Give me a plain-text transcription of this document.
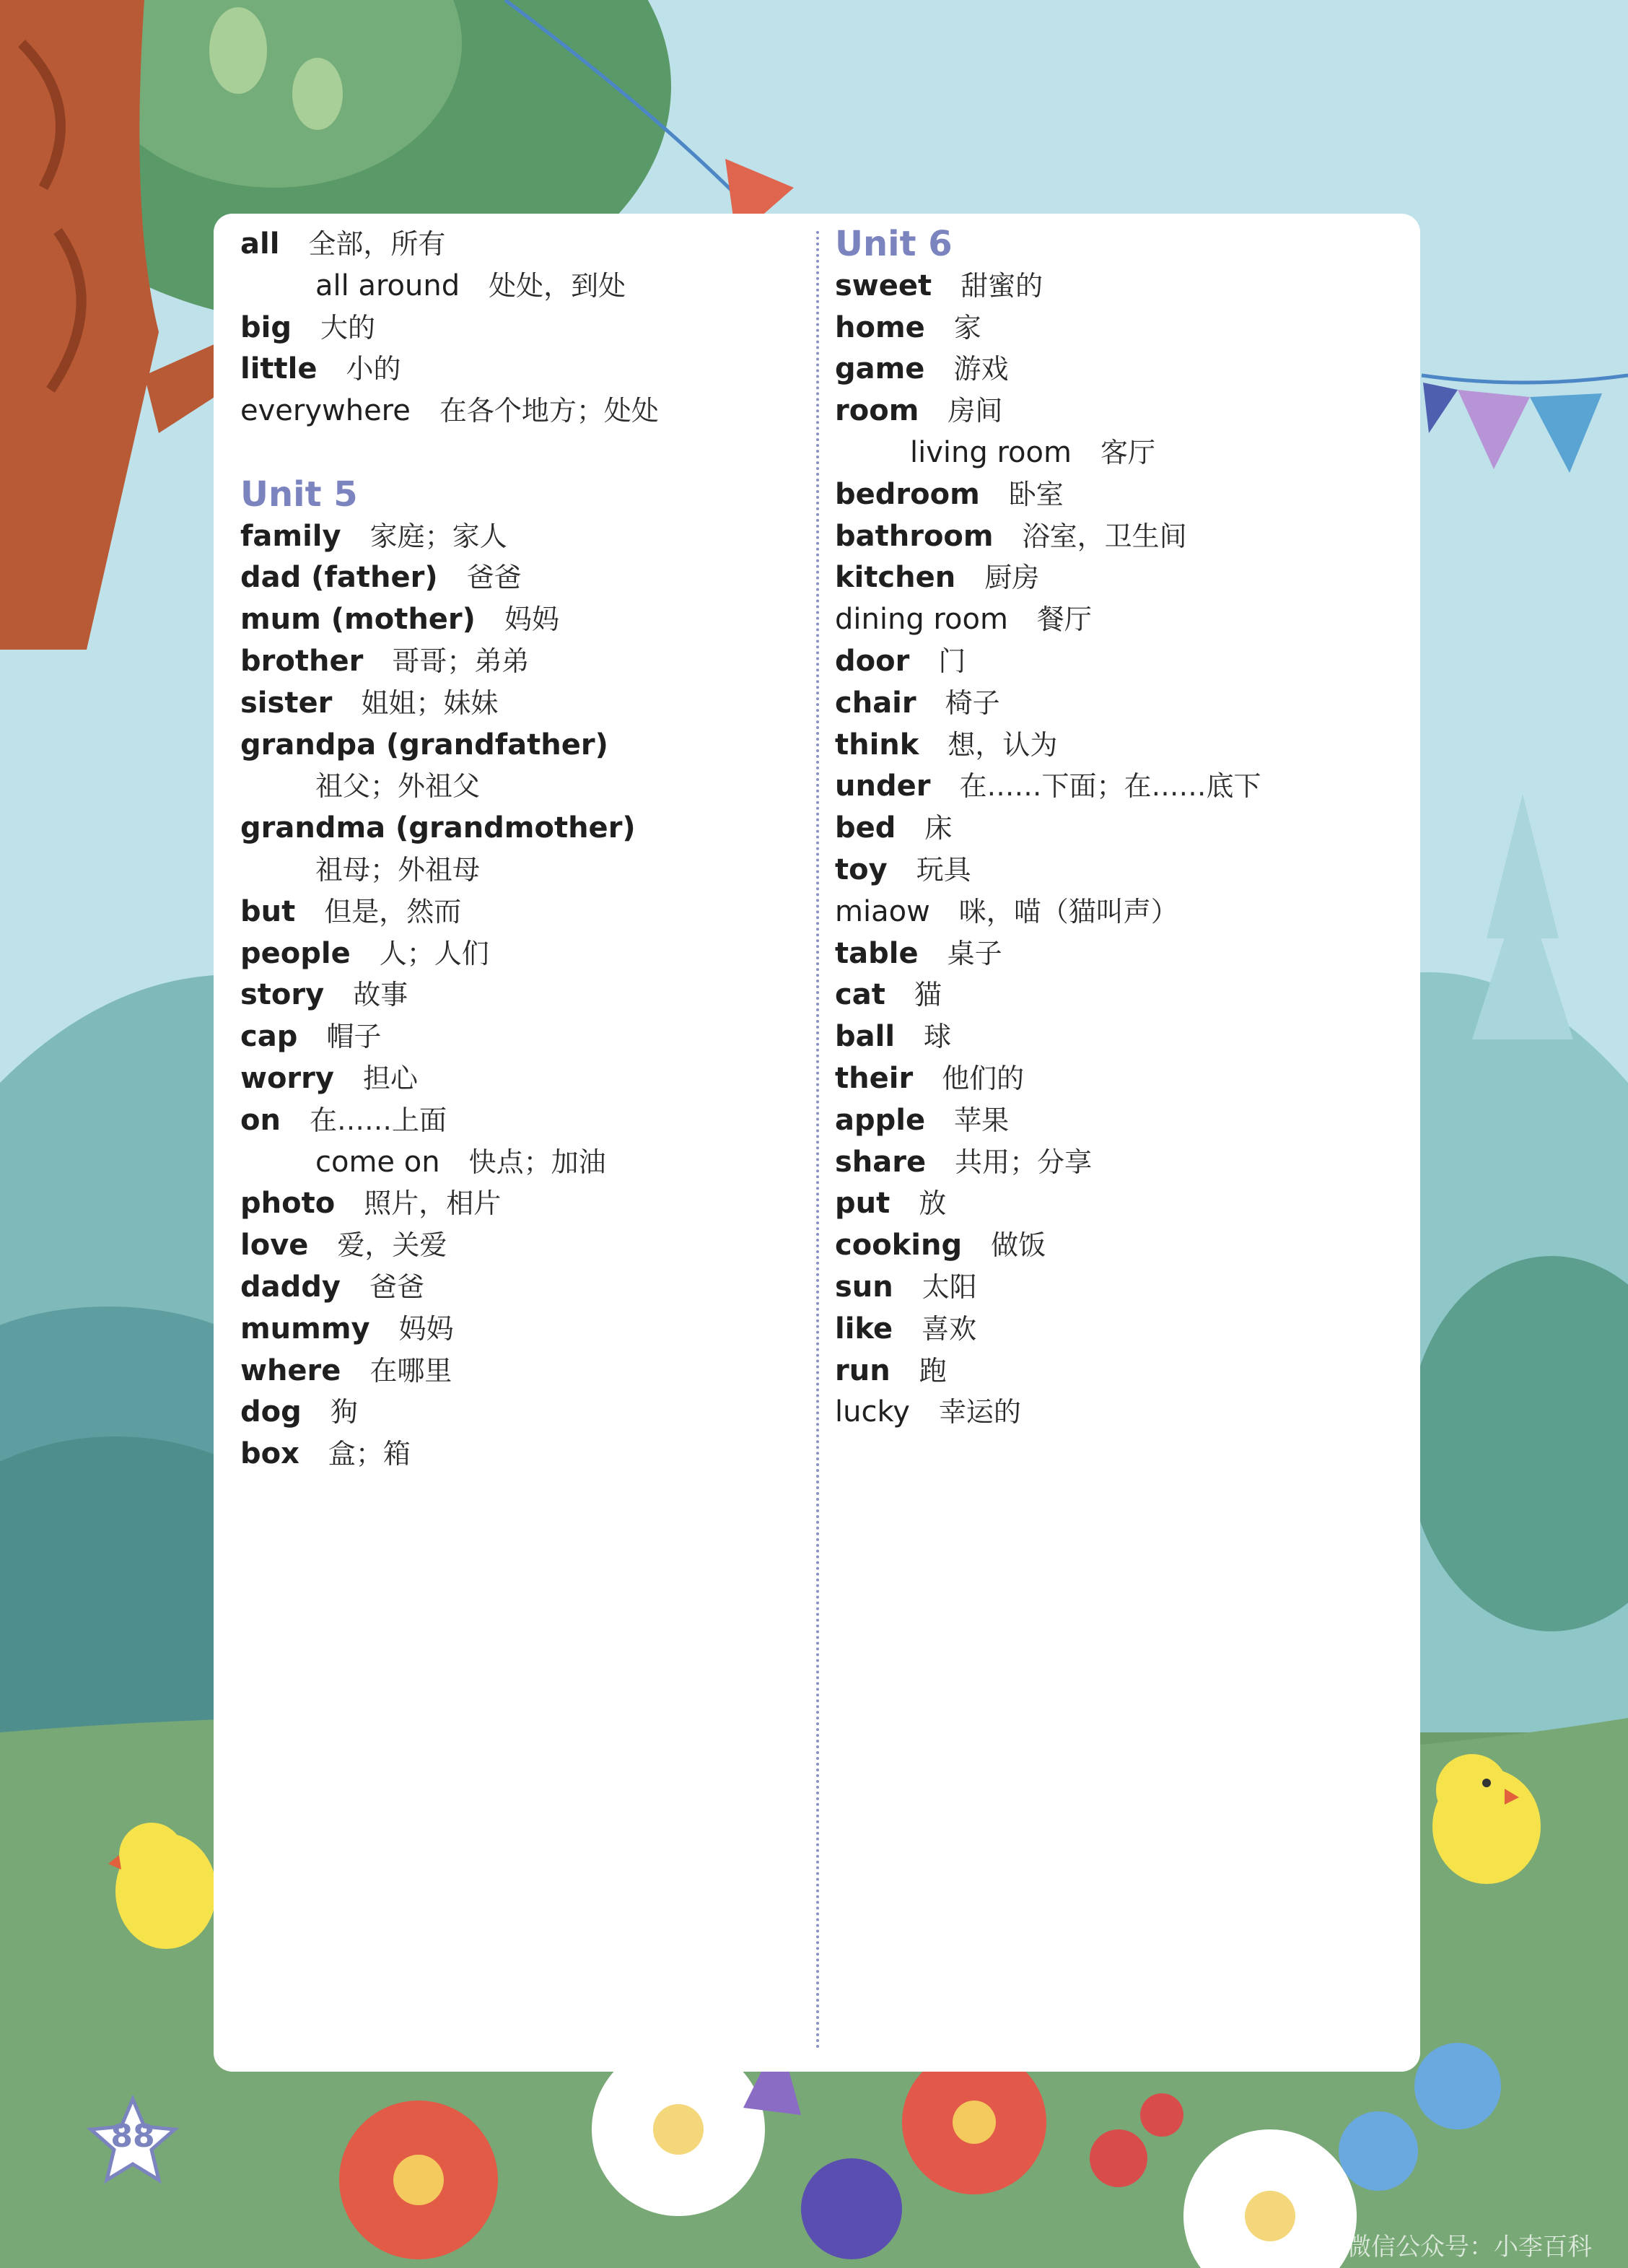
all 全部，所有
all around 处处，到处
big 大的
little 小的
everywhere 在各个地方；处处
Unit 5
family 家庭；家人
dad (father) 爸爸
mum (mother) 妈妈
brother 哥哥；弟弟
sister 姐姐；妹妹
grandpa (grandfather)
祖父；外祖父
grandma (grandmother)
祖母；外祖母
but 但是，然而
people 人；人们
story 故事
cap 帽子
worry 担心
on 在……上面
come on 快点；加油
photo 照片，相片
love 爱，关爱
daddy 爸爸
mummy 妈妈
where 在哪里
dog 狗
box 盒；箱
Unit 6
sweet 甜蜜的
home 家
game 游戏
room 房间
living room 客厅
bedroom 卧室
bathroom 浴室，卫生间
kitchen 厨房
dining room 餐厅
door 门
chair 椅子
think 想，认为
under 在……下面；在……底下
bed 床
toy 玩具
miaow 咪，喵（猫叫声）
table 桌子
cat 猫
ball 球
their 他们的
apple 苹果
share 共用；分享
put 放
cooking 做饭
sun 太阳
like 喜欢
run 跑
lucky 幸运的
88
微信公众号：小李百科
